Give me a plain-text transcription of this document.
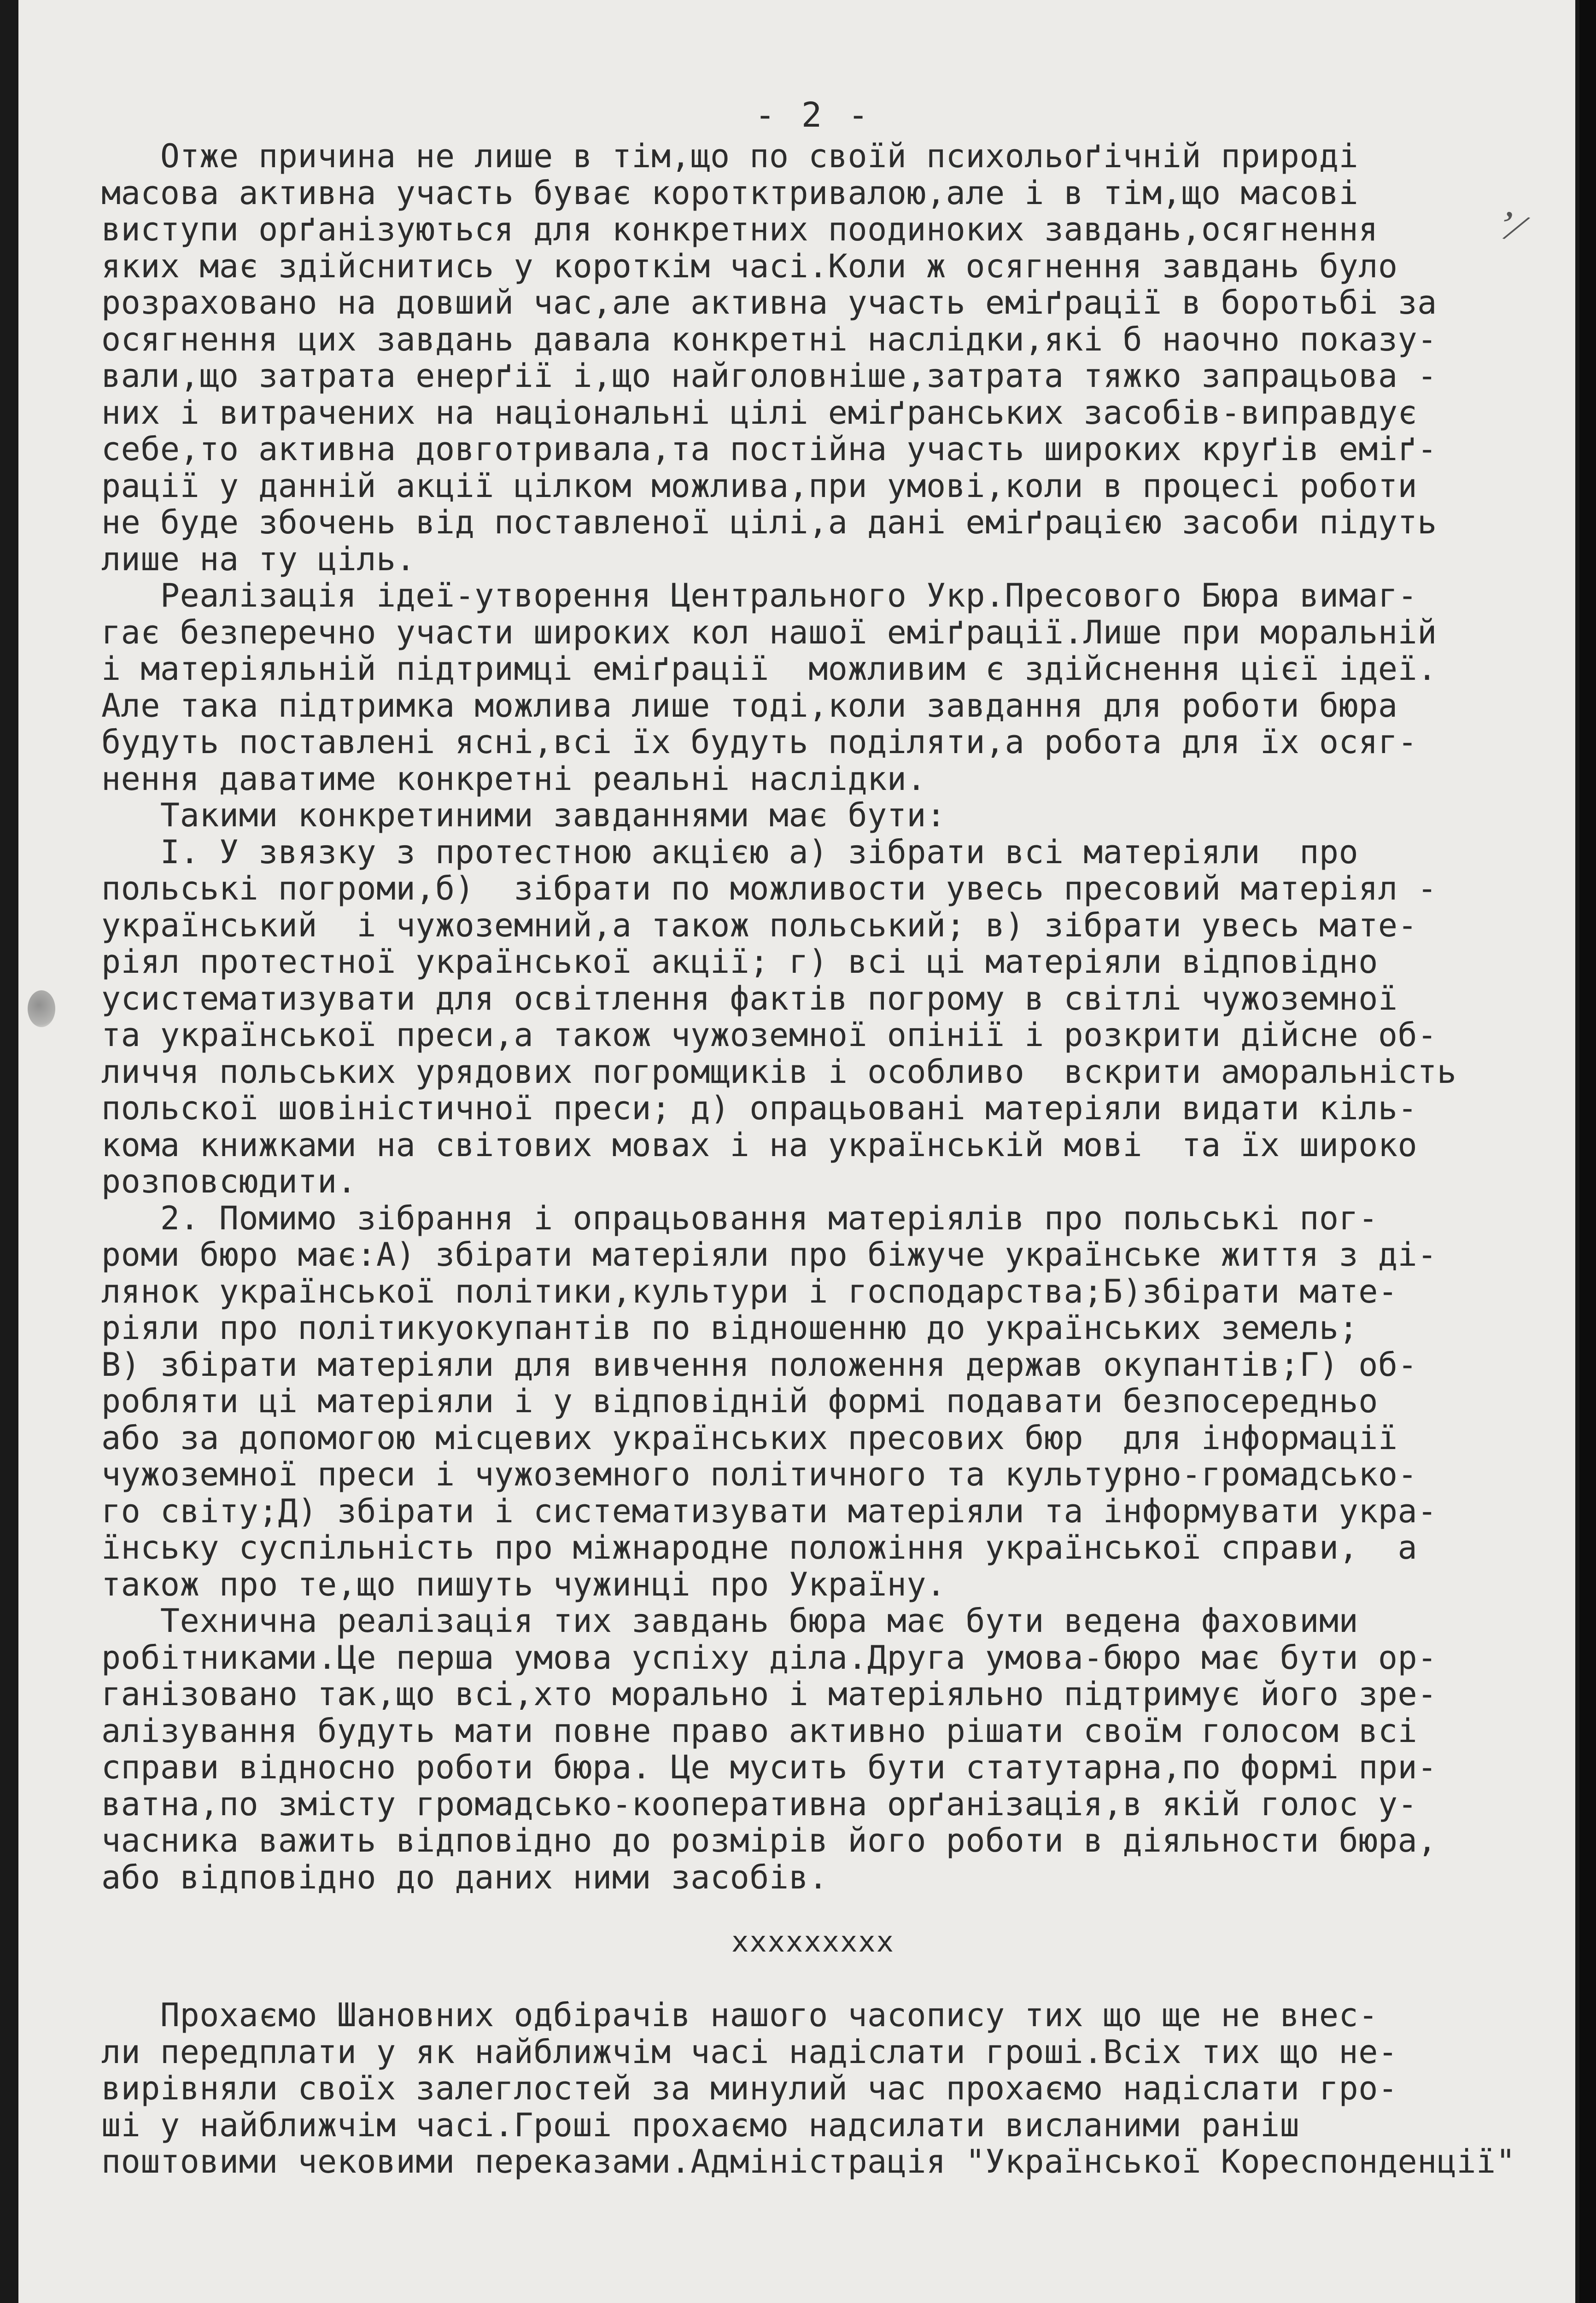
- 2 -
Отже причина не лише в тім,що по своїй психольоґічній природі
масова активна участь буває коротктривалою,але і в тім,що масові
виступи орґанізуються для конкретних поодиноких завдань,осягнення
яких має здійснитись у короткім часі.Коли ж осягнення завдань було
розраховано на довший час,але активна участь еміґрації в боротьбі за
осягнення цих завдань давала конкретні наслідки,які б наочно показу-
вали,що затрата енерґії і,що найголовніше,затрата тяжко запрацьова -
них і витрачених на національні цілі еміґранських засобів-виправдує
себе,то активна довготривала,та постійна участь широких круґів еміґ-
рації у данній акції цілком можлива,при умові,коли в процесі роботи
не буде збочень від поставленої цілі,а дані еміґрацією засоби підуть
лише на ту ціль.
Реалізація ідеї-утворення Центрального Укр.Пресового Бюра вимаг-
гає безперечно участи широких кол нашої еміґрації.Лише при моральній
і матеріяльній підтримці еміґрації  можливим є здійснення цієї ідеї.
Але така підтримка можлива лише тоді,коли завдання для роботи бюра
будуть поставлені ясні,всі їх будуть поділяти,а робота для їх осяг-
нення даватиме конкретні реальні наслідки.
Такими конкретиними завданнями має бути:
І. У звязку з протестною акцією а) зібрати всі матеріяли  про
польські погроми,б)  зібрати по можливости увесь пресовий матеріял -
український  і чужоземний,а також польський; в) зібрати увесь мате-
ріял протестної української акції; г) всі ці матеріяли відповідно
усистематизувати для освітлення фактів погрому в світлі чужоземної
та української преси,а також чужоземної опінії і розкрити дійсне об-
личчя польських урядових погромщиків і особливо  вскрити аморальність
польскої шовіністичної преси; д) опрацьовані матеріяли видати кіль-
кома книжками на світових мовах і на українській мові  та їх широко
розповсюдити.
2. Помимо зібрання і опрацьовання матеріялів про польські пог-
роми бюро має:А) збірати матеріяли про біжуче українське життя з ді-
лянок української політики,культури і господарства;Б)збірати мате-
ріяли про політикуокупантів по відношенню до українських земель;
В) збірати матеріяли для вивчення положення держав окупантів;Г) об-
робляти ці матеріяли і у відповідній формі подавати безпосередньо
або за допомогою місцевих українських пресових бюр  для інформації
чужоземної преси і чужоземного політичного та культурно-громадсько-
го світу;Д) збірати і систематизувати матеріяли та інформувати укра-
їнську суспільність про міжнародне положіння української справи,  а
також про те,що пишуть чужинці про Україну.
Технична реалізація тих завдань бюра має бути ведена фаховими
робітниками.Це перша умова успіху діла.Друга умова-бюро має бути ор-
ганізовано так,що всі,хто морально і матеріяльно підтримує його зре-
алізування будуть мати повне право активно рішати своїм голосом всі
справи відносно роботи бюра. Це мусить бути статутарна,по формі при-
ватна,по змісту громадсько-кооперативна орґанізація,в якій голос у-
часника важить відповідно до розмірів його роботи в діяльности бюра,
або відповідно до даних ними засобів.
xxxxxxxxx
Прохаємо Шановних одбірачів нашого часопису тих що ще не внес-
ли передплати у як найближчім часі надіслати гроші.Всіх тих що не-
вирівняли своїх залеглостей за минулий час прохаємо надіслати гро-
ші у найближчім часі.Гроші прохаємо надсилати висланими раніш
поштовими чековими переказами.Адміністрація "Української Кореспонденції"
ʼ⁄
